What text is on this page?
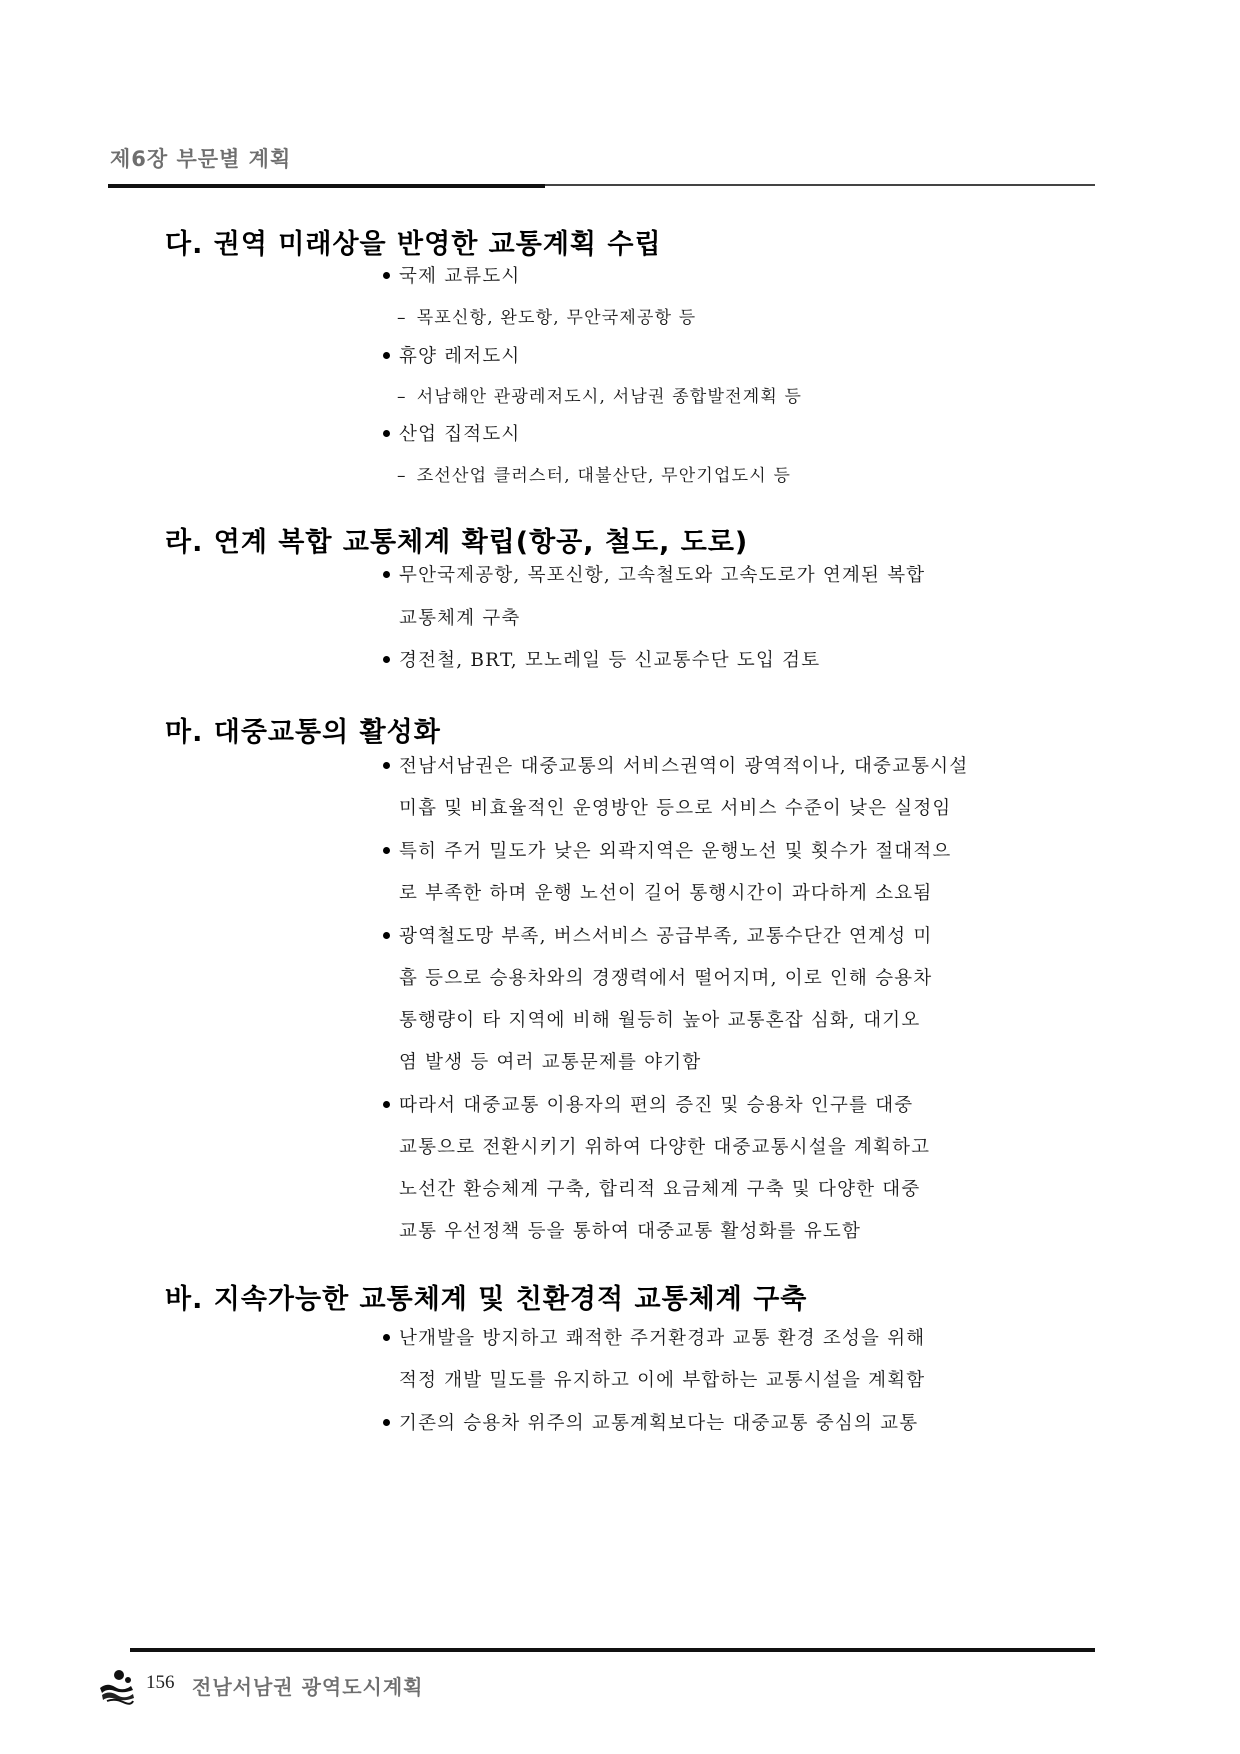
제6장 부문별 계획
다. 권역 미래상을 반영한 교통계획 수립
국제 교류도시
– 목포신항, 완도항, 무안국제공항 등
휴양 레저도시
– 서남해안 관광레저도시, 서남권 종합발전계획 등
산업 집적도시
– 조선산업 클러스터, 대불산단, 무안기업도시 등
라. 연계 복합 교통체계 확립(항공, 철도, 도로)
무안국제공항, 목포신항, 고속철도와 고속도로가 연계된 복합
교통체계 구축
경전철, BRT, 모노레일 등 신교통수단 도입 검토
마. 대중교통의 활성화
전남서남권은 대중교통의 서비스권역이 광역적이나, 대중교통시설
미흡 및 비효율적인 운영방안 등으로 서비스 수준이 낮은 실정임
특히 주거 밀도가 낮은 외곽지역은 운행노선 및 횟수가 절대적으
로 부족한 하며 운행 노선이 길어 통행시간이 과다하게 소요됨
광역철도망 부족, 버스서비스 공급부족, 교통수단간 연계성 미
흡 등으로 승용차와의 경쟁력에서 떨어지며, 이로 인해 승용차
통행량이 타 지역에 비해 월등히 높아 교통혼잡 심화, 대기오
염 발생 등 여러 교통문제를 야기함
따라서 대중교통 이용자의 편의 증진 및 승용차 인구를 대중
교통으로 전환시키기 위하여 다양한 대중교통시설을 계획하고
노선간 환승체계 구축, 합리적 요금체계 구축 및 다양한 대중
교통 우선정책 등을 통하여 대중교통 활성화를 유도함
바. 지속가능한 교통체계 및 친환경적 교통체계 구축
난개발을 방지하고 쾌적한 주거환경과 교통 환경 조성을 위해
적정 개발 밀도를 유지하고 이에 부합하는 교통시설을 계획함
기존의 승용차 위주의 교통계획보다는 대중교통 중심의 교통
156 전남서남권 광역도시계획
